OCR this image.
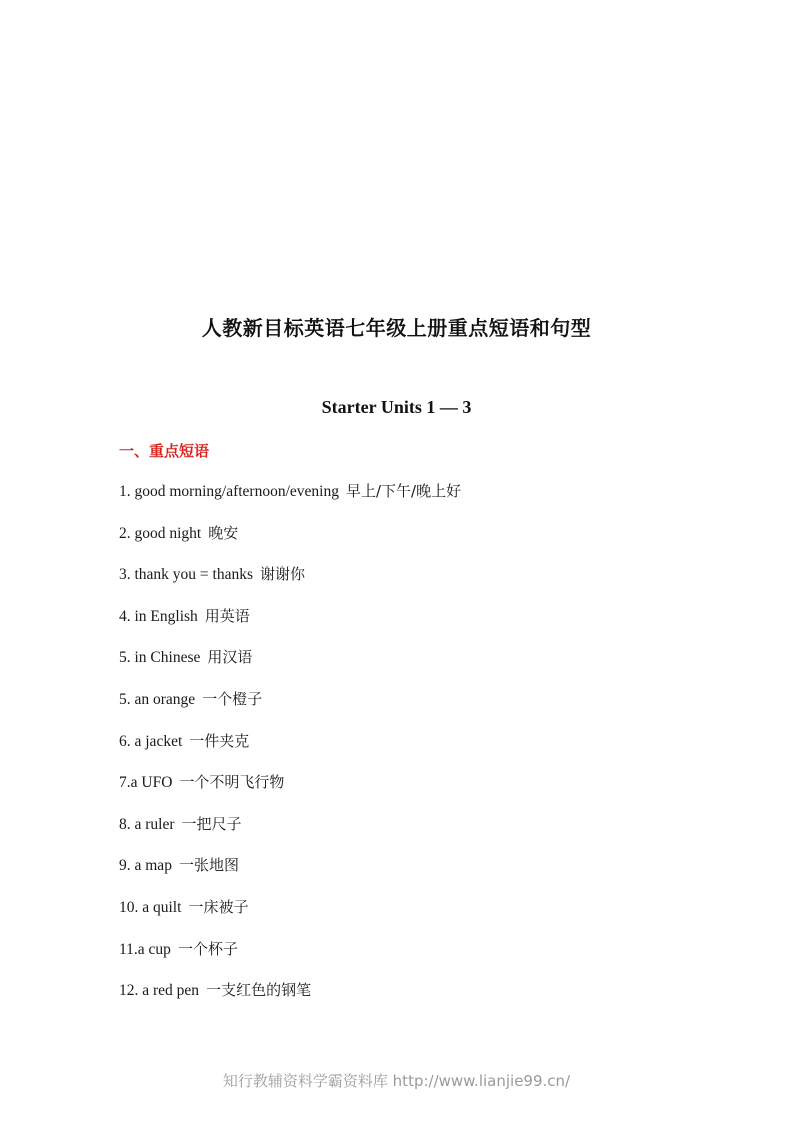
人教新目标英语七年级上册重点短语和句型
Starter Units 1 — 3
一、重点短语
1. good morning/afternoon/evening 早上/下午/晚上好
2. good night 晚安
3. thank you = thanks 谢谢你
4. in English 用英语
5. in Chinese 用汉语
5. an orange 一个橙子
6. a jacket 一件夹克
7.a UFO 一个不明飞行物
8. a ruler 一把尺子
9. a map 一张地图
10. a quilt 一床被子
11.a cup 一个杯子
12. a red pen 一支红色的钢笔
知行教辅资料学霸资料库 http://www.lianjie99.cn/
